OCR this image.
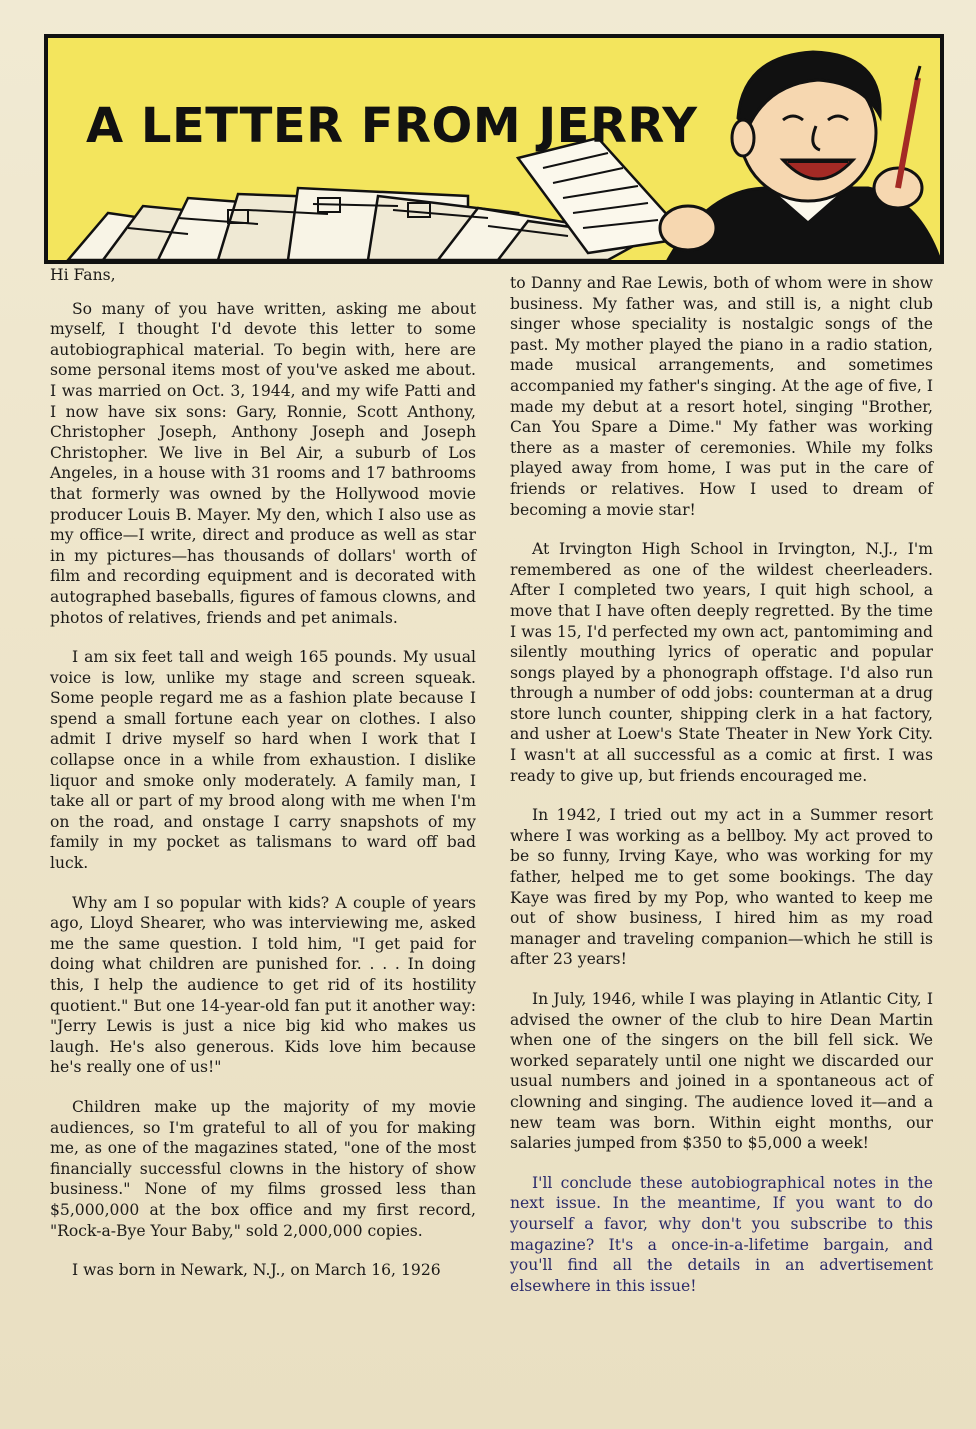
A LETTER FROM JERRY
Hi Fans,

So many of you have written, asking me about myself, I thought I'd devote this letter to some autobiographical material. To begin with, here are some personal items most of you've asked me about. I was married on Oct. 3, 1944, and my wife Patti and I now have six sons: Gary, Ronnie, Scott Anthony, Christopher Joseph, Anthony Joseph and Joseph Christopher. We live in Bel Air, a suburb of Los Angeles, in a house with 31 rooms and 17 bathrooms that formerly was owned by the Hollywood movie producer Louis B. Mayer. My den, which I also use as my office—I write, direct and produce as well as star in my pictures—has thousands of dollars' worth of film and recording equipment and is decorated with autographed baseballs, figures of famous clowns, and photos of relatives, friends and pet animals.

I am six feet tall and weigh 165 pounds. My usual voice is low, unlike my stage and screen squeak. Some people regard me as a fashion plate because I spend a small fortune each year on clothes. I also admit I drive myself so hard when I work that I collapse once in a while from exhaustion. I dislike liquor and smoke only moderately. A family man, I take all or part of my brood along with me when I'm on the road, and onstage I carry snapshots of my family in my pocket as talismans to ward off bad luck.

Why am I so popular with kids? A couple of years ago, Lloyd Shearer, who was interviewing me, asked me the same question. I told him, "I get paid for doing what children are punished for. . . . In doing this, I help the audience to get rid of its hostility quotient." But one 14-year-old fan put it another way: "Jerry Lewis is just a nice big kid who makes us laugh. He's also generous. Kids love him because he's really one of us!"

Children make up the majority of my movie audiences, so I'm grateful to all of you for making me, as one of the magazines stated, "one of the most financially successful clowns in the history of show business." None of my films grossed less than $5,000,000 at the box office and my first record, "Rock-a-Bye Your Baby," sold 2,000,000 copies.

I was born in Newark, N.J., on March 16, 1926

to Danny and Rae Lewis, both of whom were in show business. My father was, and still is, a night club singer whose speciality is nostalgic songs of the past. My mother played the piano in a radio station, made musical arrangements, and sometimes accompanied my father's singing. At the age of five, I made my debut at a resort hotel, singing "Brother, Can You Spare a Dime." My father was working there as a master of ceremonies. While my folks played away from home, I was put in the care of friends or relatives. How I used to dream of becoming a movie star!

At Irvington High School in Irvington, N.J., I'm remembered as one of the wildest cheerleaders. After I completed two years, I quit high school, a move that I have often deeply regretted. By the time I was 15, I'd perfected my own act, pantomiming and silently mouthing lyrics of operatic and popular songs played by a phonograph offstage. I'd also run through a number of odd jobs: counterman at a drug store lunch counter, shipping clerk in a hat factory, and usher at Loew's State Theater in New York City. I wasn't at all successful as a comic at first. I was ready to give up, but friends encouraged me.

In 1942, I tried out my act in a Summer resort where I was working as a bellboy. My act proved to be so funny, Irving Kaye, who was working for my father, helped me to get some bookings. The day Kaye was fired by my Pop, who wanted to keep me out of show business, I hired him as my road manager and traveling companion—which he still is after 23 years!

In July, 1946, while I was playing in Atlantic City, I advised the owner of the club to hire Dean Martin when one of the singers on the bill fell sick. We worked separately until one night we discarded our usual numbers and joined in a spontaneous act of clowning and singing. The audience loved it—and a new team was born. Within eight months, our salaries jumped from $350 to $5,000 a week!

I'll conclude these autobiographical notes in the next issue. In the meantime, If you want to do yourself a favor, why don't you subscribe to this magazine? It's a once-in-a-lifetime bargain, and you'll find all the details in an advertisement elsewhere in this issue!
